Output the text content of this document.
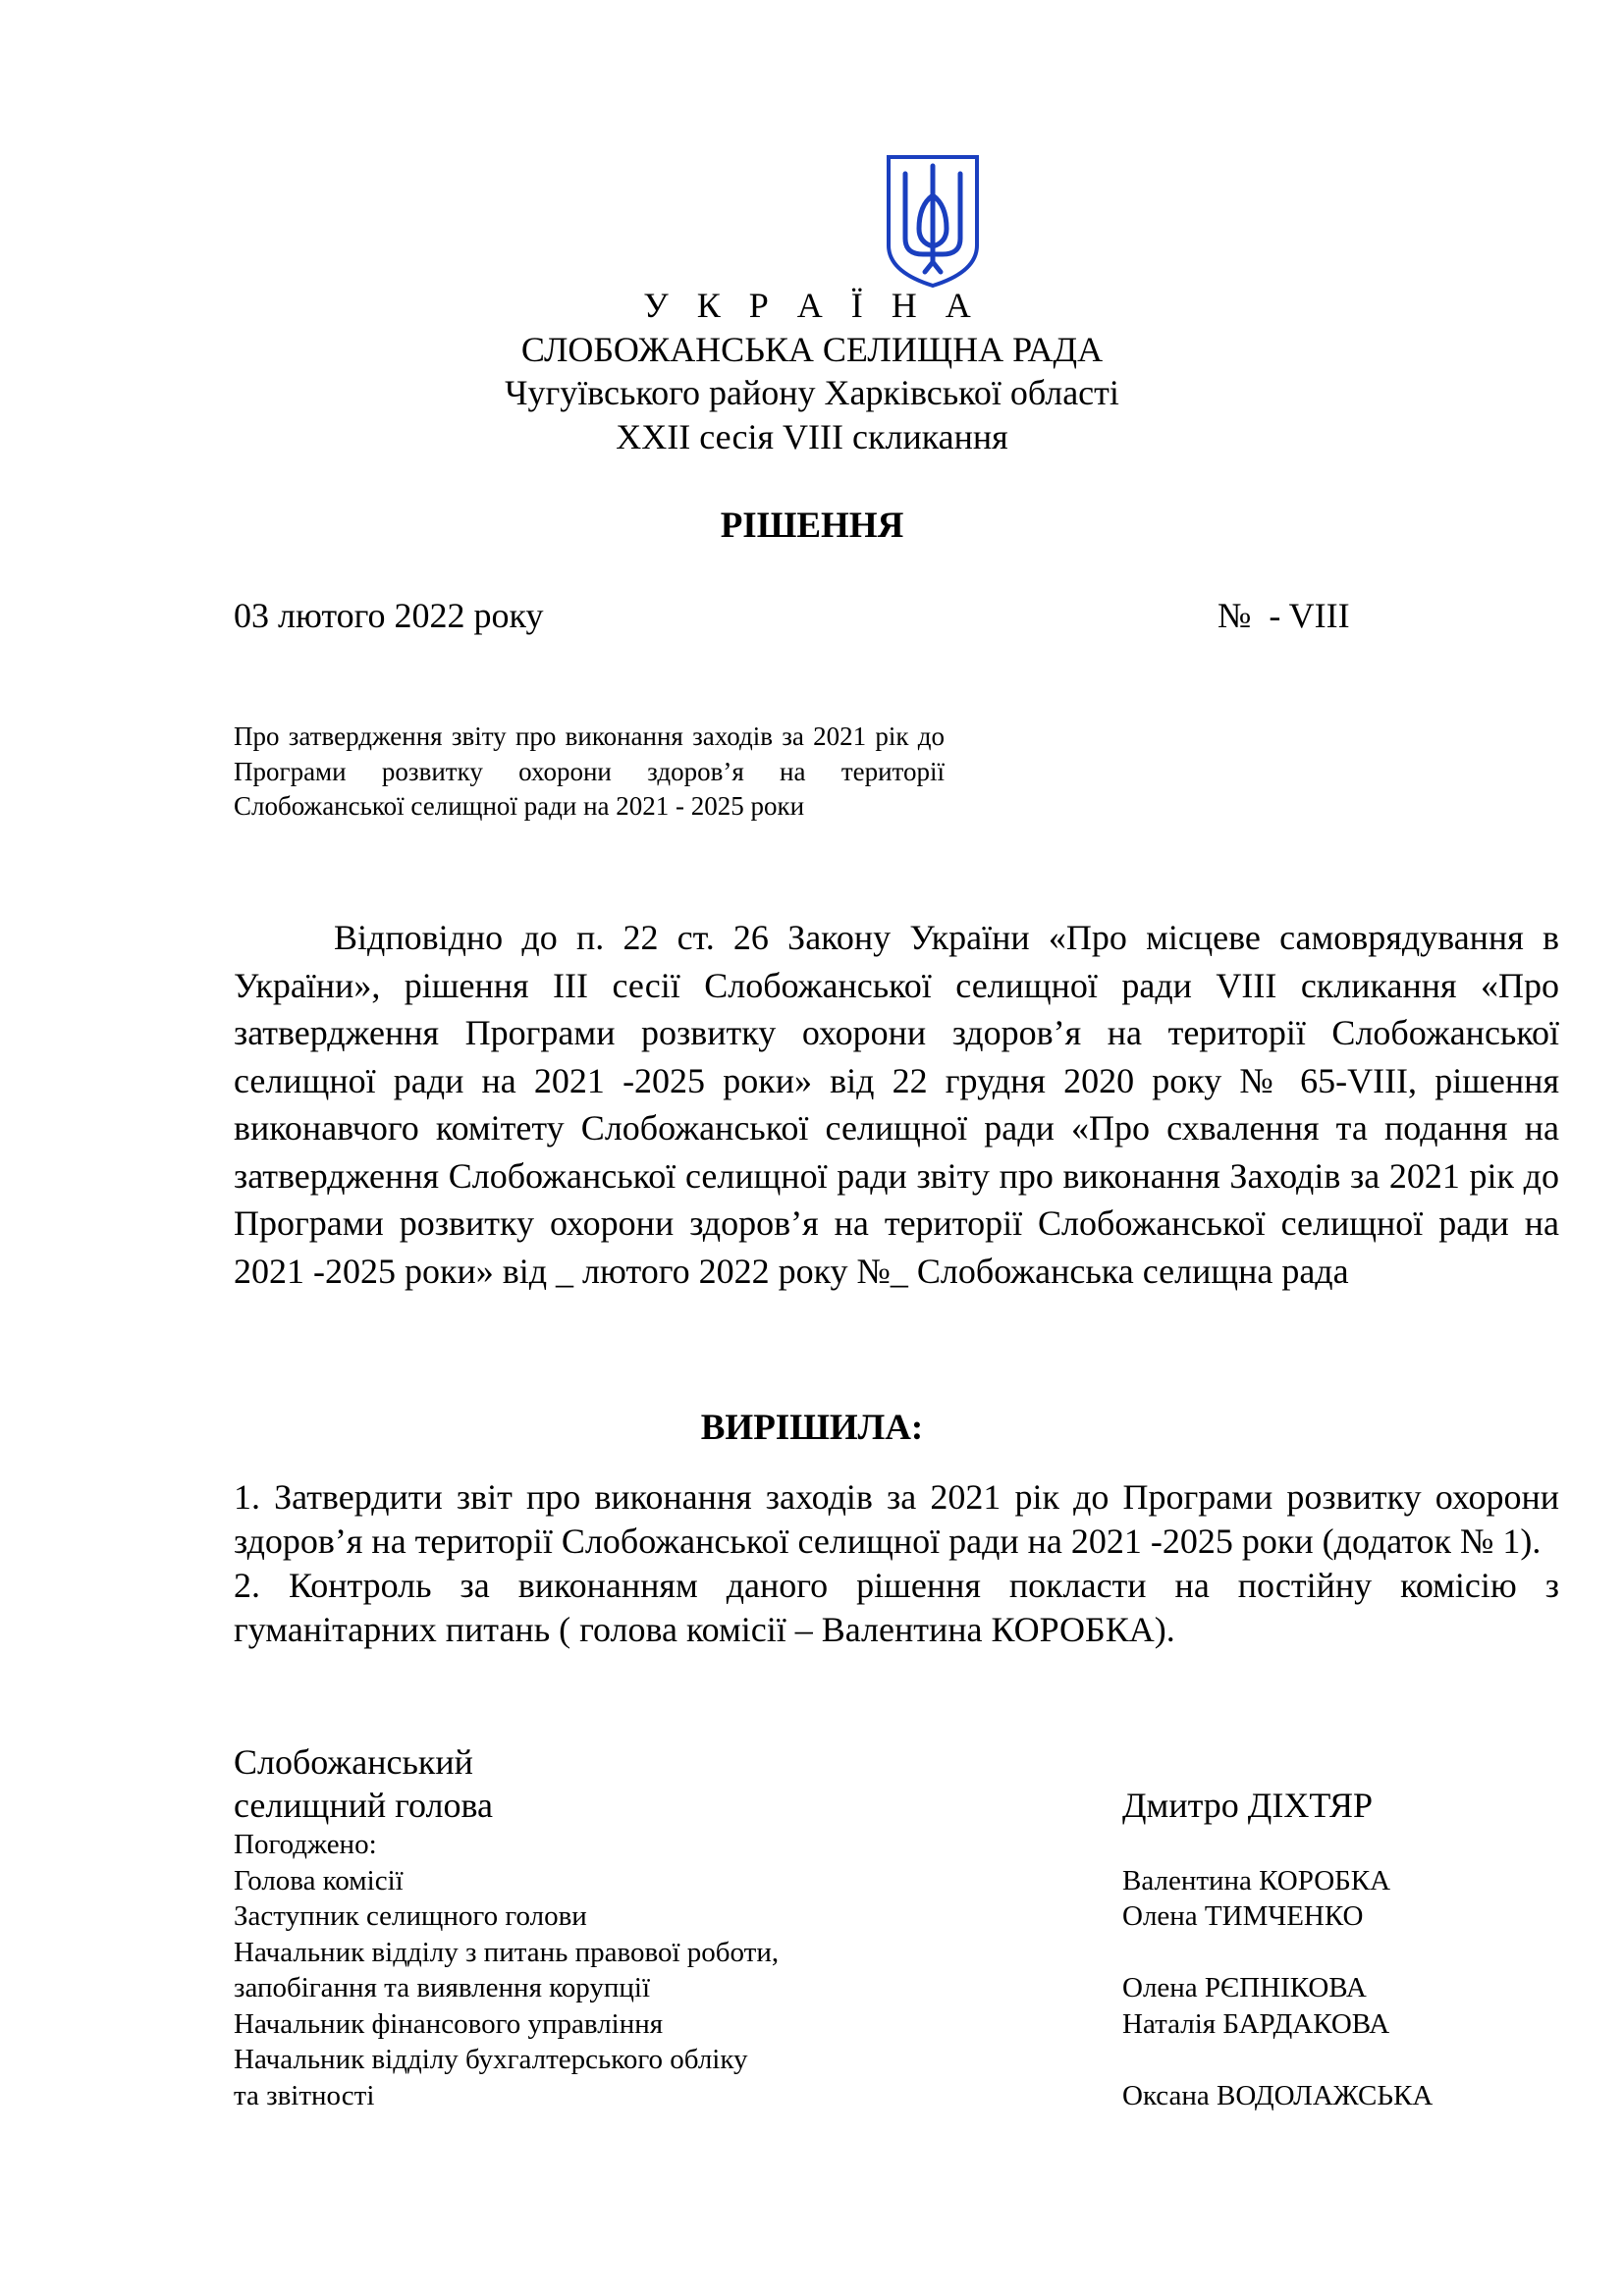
У К Р А Ї Н А
СЛОБОЖАНСЬКА СЕЛИЩНА РАДА
Чугуївського району Харківської області
XXII сесія VIII скликання
РІШЕННЯ
03 лютого 2022 року	№  - VIII
Про затвердження звіту про виконання заходів за 2021 рік до Програми розвитку охорони здоров’я на території Слобожанської селищної ради на 2021 - 2025 роки
Відповідно до п. 22 ст. 26 Закону України «Про місцеве самоврядування в України», рішення ІІІ сесії Слобожанської селищної ради VIII скликання «Про затвердження Програми розвитку охорони здоров’я на території Слобожанської селищної ради на 2021 -2025 роки» від 22 грудня 2020 року № 65-VIII, рішення виконавчого комітету Слобожанської селищної ради «Про схвалення та подання на затвердження Слобожанської селищної ради звіту про виконання Заходів за 2021 рік до Програми розвитку охорони здоров’я на території Слобожанської селищної ради на 2021 -2025 роки» від _ лютого 2022 року №_ Слобожанська селищна рада
ВИРІШИЛА:

1. Затвердити звіт про виконання заходів за 2021 рік до Програми розвитку охорони здоров’я на території Слобожанської селищної ради на 2021 -2025 роки (додаток № 1).

2. Контроль за виконанням даного рішення покласти на постійну комісію з гуманітарних питань ( голова комісії – Валентина КОРОБКА).

Слобожанський
селищний голова	Дмитро ДІХТЯР
Погоджено:
Голова комісії	Валентина КОРОБКА
Заступник селищного голови	Олена ТИМЧЕНКО
Начальник відділу з питань правової роботи,
запобігання та виявлення корупції	Олена РЄПНІКОВА
Начальник фінансового управління	Наталія БАРДАКОВА
Начальник відділу бухгалтерського обліку
та звітності	Оксана ВОДОЛАЖСЬКА
